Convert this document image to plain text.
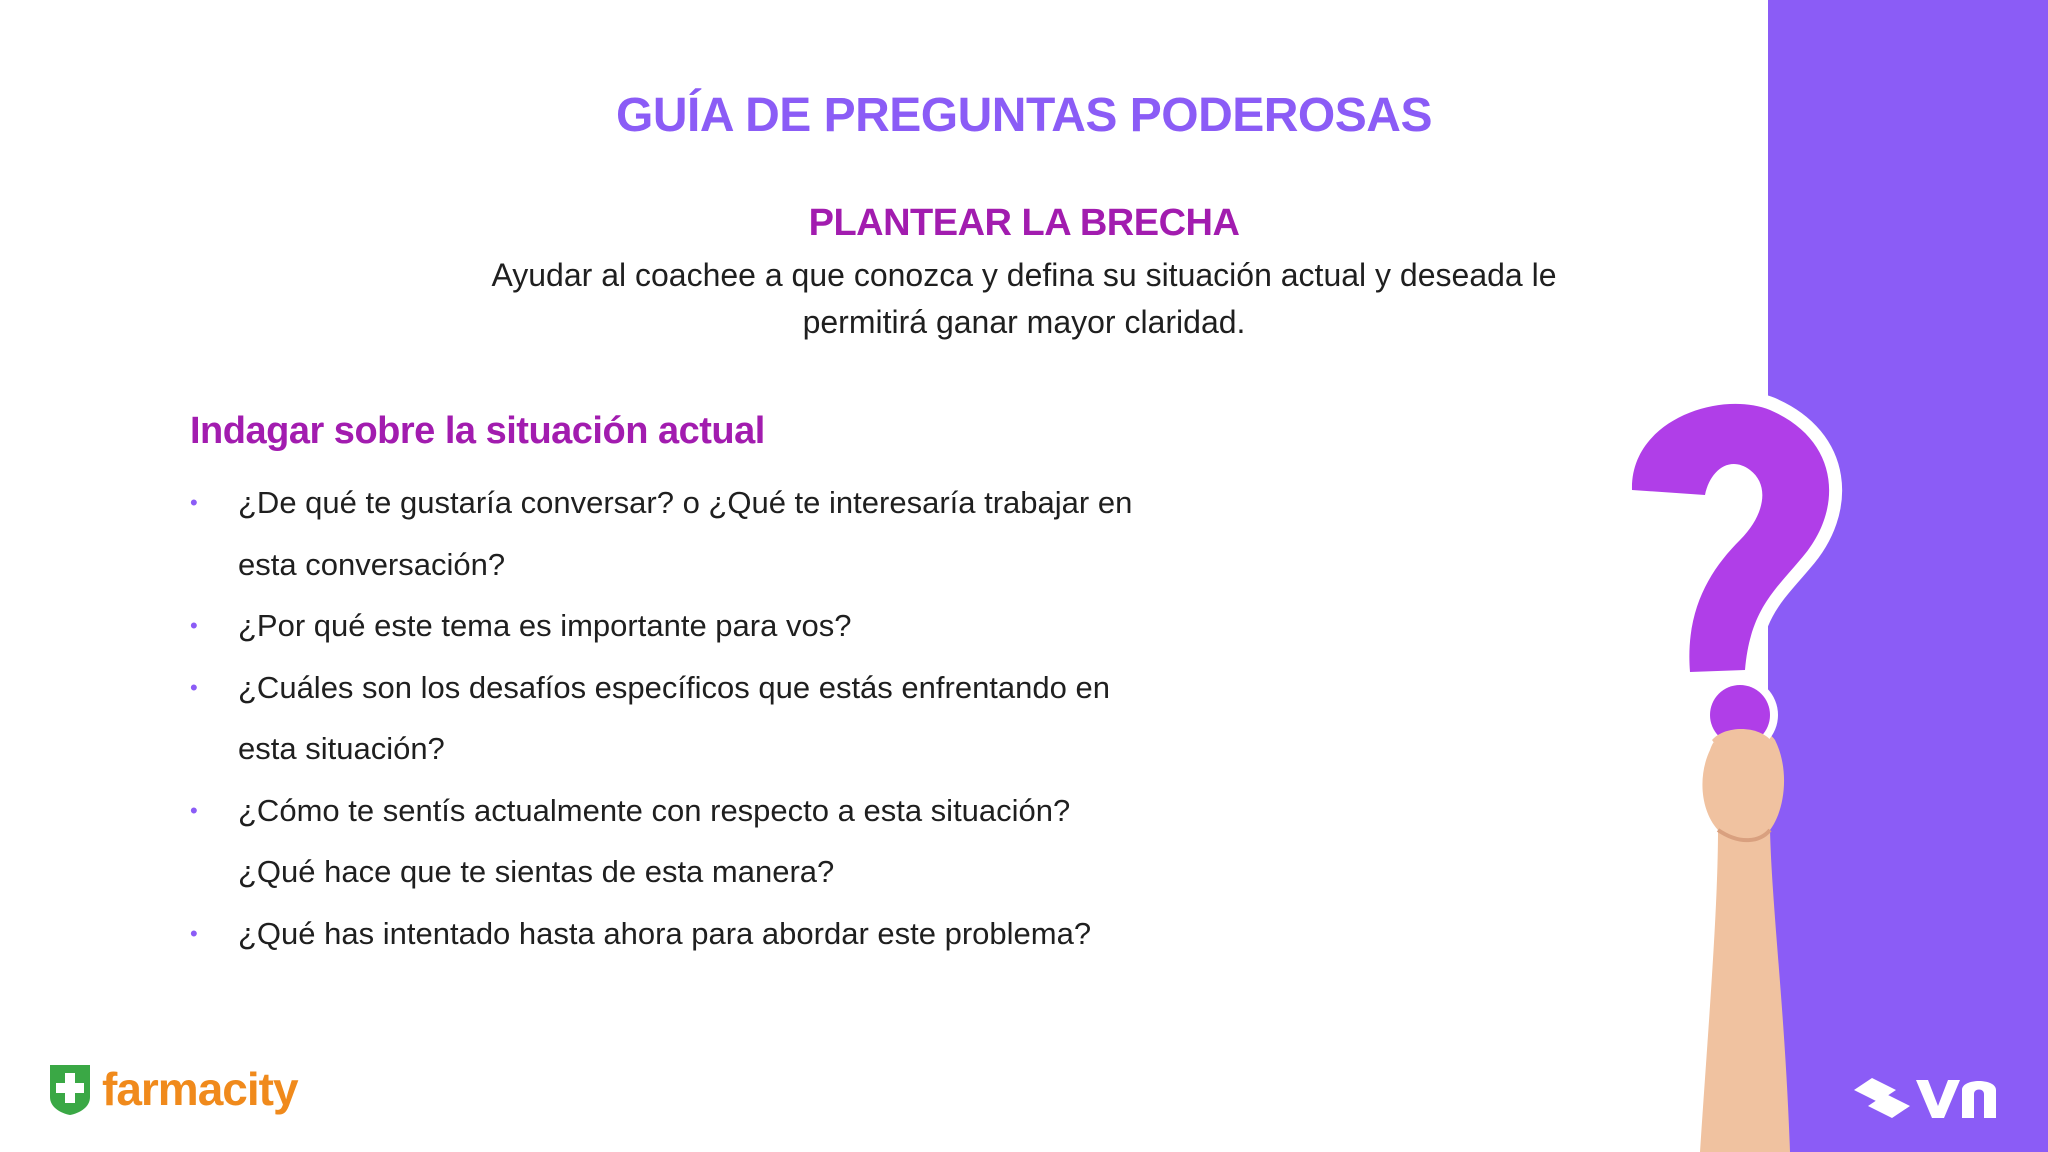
GUÍA DE PREGUNTAS PODEROSAS
PLANTEAR LA BRECHA
Ayudar al coachee a que conozca y defina su situación actual y deseada le
permitirá ganar mayor claridad.
Indagar sobre la situación actual
• ¿De qué te gustaría conversar? o ¿Qué te interesaría trabajar en
esta conversación?
• ¿Por qué este tema es importante para vos?
• ¿Cuáles son los desafíos específicos que estás enfrentando en
esta situación?
• ¿Cómo te sentís actualmente con respecto a esta situación?
¿Qué hace que te sientas de esta manera?
• ¿Qué has intentado hasta ahora para abordar este problema?
farmacity
